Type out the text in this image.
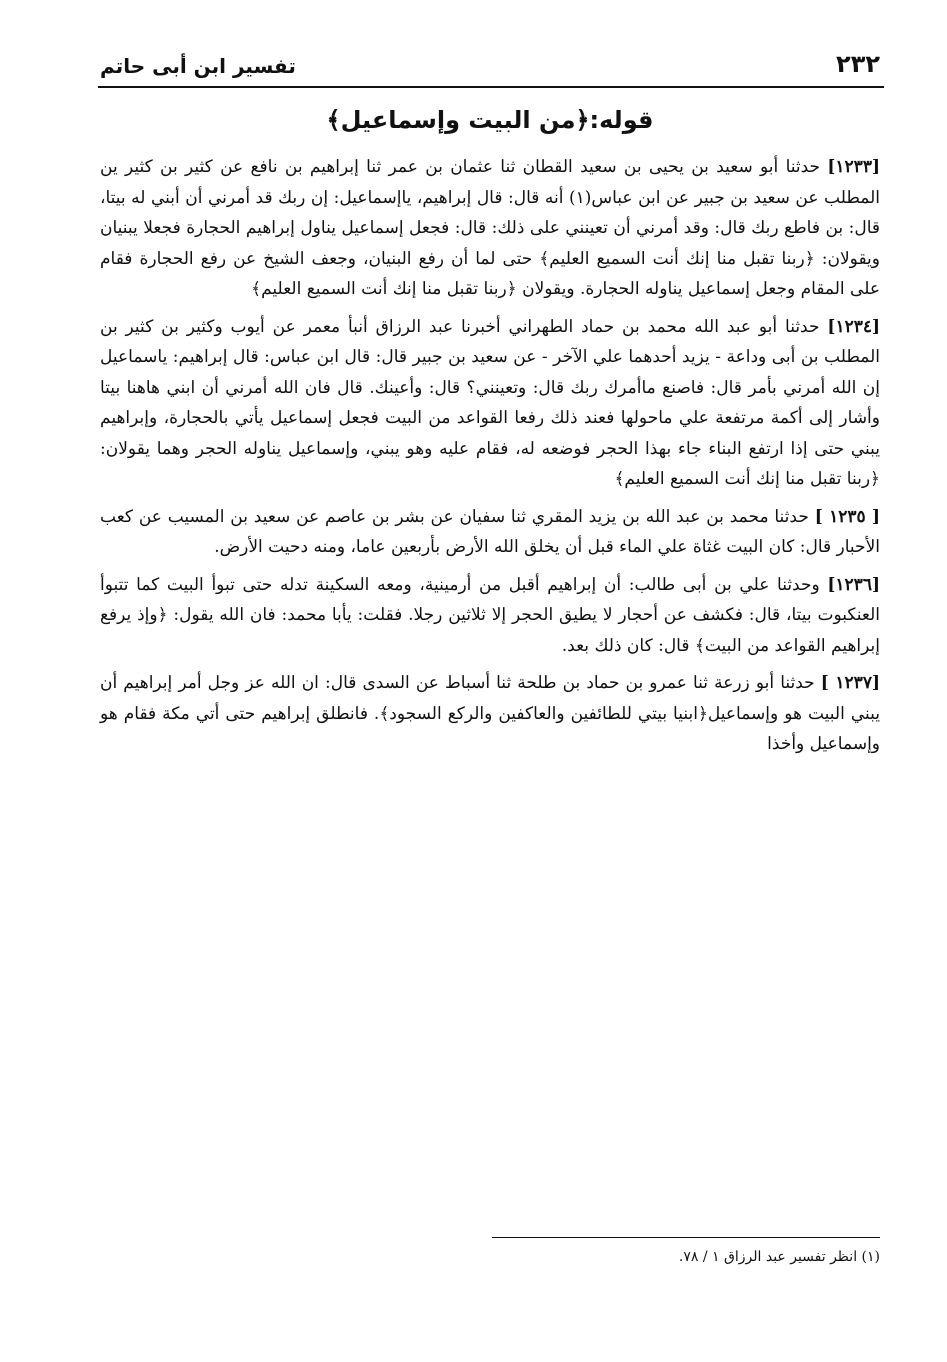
٢٣٢
تفسير ابن أبى حاتم
قوله:﴿من البيت وإسماعيل﴾

[١٢٣٣] حدثنا أبو سعيد بن يحيى بن سعيد القطان ثنا عثمان بن عمر ثنا إبراهيم بن نافع عن كثير بن كثير ين المطلب عن سعيد بن جبير عن ابن عباس(١) أنه قال: قال إبراهيم، ياإسماعيل: إن ربك قد أمرني أن أبني له بيتا، قال: بن فاطع ربك قال: وقد أمرني أن تعينني على ذلك: قال: فجعل إسماعيل يناول إبراهيم الحجارة فجعلا يبنيان ويقولان: ﴿ربنا تقبل منا إنك أنت السميع العليم﴾ حتى لما أن رفع البنيان، وجعف الشيخ عن رفع الحجارة فقام على المقام وجعل إسماعيل يناوله الحجارة. ويقولان ﴿ربنا تقبل منا إنك أنت السميع العليم﴾

[١٢٣٤] حدثنا أبو عبد الله محمد بن حماد الطهراني أخبرنا عبد الرزاق أنبأ معمر عن أيوب وكثير بن كثير بن المطلب بن أبى وداعة - يزيد أحدهما علي الآخر - عن سعيد بن جبير قال: قال ابن عباس: قال إبراهيم: ياسماعيل إن الله أمرني بأمر قال: فاصنع ماأمرك ربك قال: وتعينني؟ قال: وأعينك. قال فان الله أمرني أن ابني هاهنا بيتا وأشار إلى أكمة مرتفعة علي ماحولها فعند ذلك رفعا القواعد من البيت فجعل إسماعيل يأتي بالحجارة، وإبراهيم يبني حتى إذا ارتفع البناء جاء بهذا الحجر فوضعه له، فقام عليه وهو يبني، وإسماعيل يناوله الحجر وهما يقولان: ﴿ربنا تقبل منا إنك أنت السميع العليم﴾

[ ١٢٣٥ ] حدثنا محمد بن عبد الله بن يزيد المقري ثنا سفيان عن بشر بن عاصم عن سعيد بن المسيب عن كعب الأحبار قال: كان البيت غثاة علي الماء قبل أن يخلق الله الأرض بأربعين عاما، ومنه دحيت الأرض.

[١٢٣٦] وحدثنا علي بن أبى طالب: أن إبراهيم أقبل من أرمينية، ومعه السكينة تدله حتى تبوأ البيت كما تتبوأ العنكبوت بيتا، قال: فكشف عن أحجار لا يطيق الحجر إلا ثلاثين رجلا. فقلت: يأبا محمد: فان الله يقول: ﴿وإذ يرفع إبراهيم القواعد من البيت﴾ قال: كان ذلك بعد.

[١٢٣٧ ] حدثنا أبو زرعة ثنا عمرو بن حماد بن طلحة ثنا أسباط عن السدى قال: ان الله عز وجل أمر إبراهيم أن يبني البيت هو وإسماعيل﴿ابنيا بيتي للطائفين والعاكفين والركع السجود﴾. فانطلق إبراهيم حتى أتي مكة فقام هو وإسماعيل وأخذا

(١) انظر تفسير عبد الرزاق ١ / ٧٨.
